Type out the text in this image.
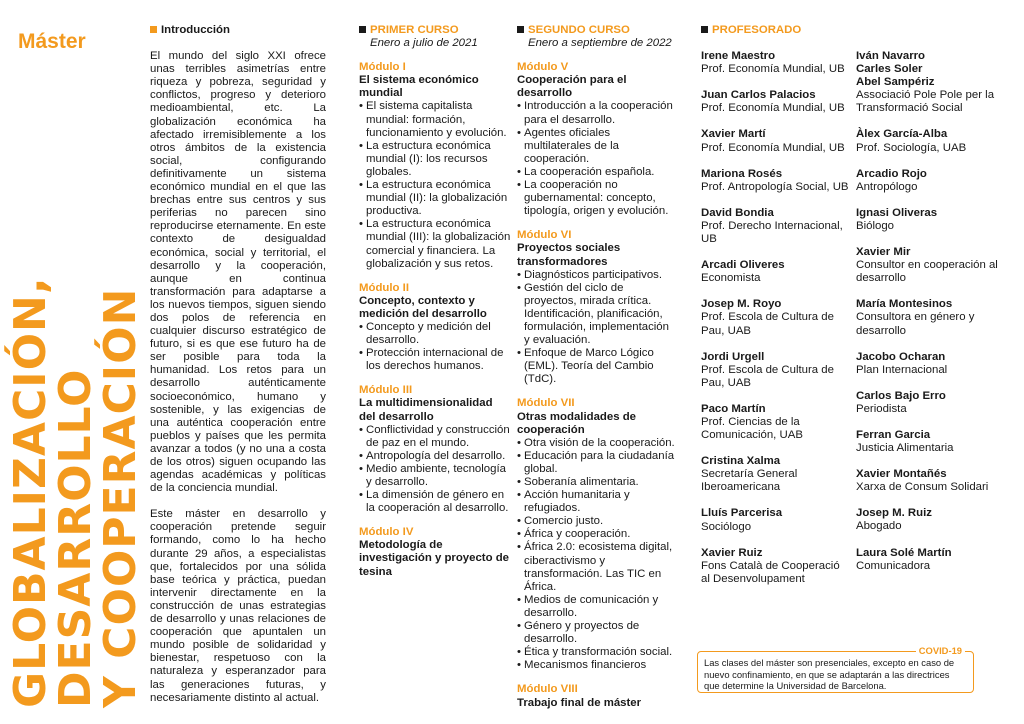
Máster
GLOBALIZACIÓN,
DESARROLLO
Y COOPERACIÓN
Introducción

El mundo del siglo XXI ofrece unas terribles asimetrías entre riqueza y pobreza, seguridad y conflictos, progreso y deterioro medioambiental, etc. La globalización económica ha afectado irremisiblemente a los otros ámbitos de la existencia social, configurando definitivamente un sistema económico mundial en el que las brechas entre sus centros y sus periferias no parecen sino reproducirse eternamente. En este contexto de desigualdad económica, social y territorial, el desarrollo y la cooperación, aunque en continua transformación para adaptarse a los nuevos tiempos, siguen siendo dos polos de referencia en cualquier discurso estratégico de futuro, si es que ese futuro ha de ser posible para toda la humanidad. Los retos para un desarrollo auténticamente socioeconómico, humano y sostenible, y las exigencias de una auténtica cooperación entre pueblos y países que les permita avanzar a todos (y no una a costa de los otros) siguen ocupando las agendas académicas y políticas de la conciencia mundial.

Este máster en desarrollo y cooperación pretende seguir formando, como lo ha hecho durante 29 años, a especialistas que, fortalecidos por una sólida base teórica y práctica, puedan intervenir directamente en la construcción de unas estrategias de desarrollo y unas relaciones de cooperación que apuntalen un mundo posible de solidaridad y bienestar, respetuoso con la naturaleza y esperanzador para las generaciones futuras, y necesariamente distinto al actual.

PRIMER CURSO
Enero a julio de 2021
Módulo I
El sistema económico mundial
• El sistema capitalista mundial: formación, funcionamiento y evolución.
• La estructura económica mundial (I): los recursos globales.
• La estructura económica mundial (II): la globalización productiva.
• La estructura económica mundial (III): la globalización comercial y financiera. La globalización y sus retos.
Módulo II
Concepto, contexto y medición del desarrollo
• Concepto y medición del desarrollo.
• Protección internacional de los derechos humanos.
Módulo III
La multidimensionalidad del desarrollo
• Conflictividad y construcción de paz en el mundo.
• Antropología del desarrollo.
• Medio ambiente, tecnología y desarrollo.
• La dimensión de género en la cooperación al desarrollo.
Módulo IV
Metodología de investigación y proyecto de tesina
SEGUNDO CURSO
Enero a septiembre de 2022
Módulo V
Cooperación para el desarrollo
• Introducción a la cooperación para el desarrollo.
• Agentes oficiales multilaterales de la cooperación.
• La cooperación española.
• La cooperación no gubernamental: concepto, tipología, origen y evolución.
Módulo VI
Proyectos sociales transformadores
• Diagnósticos participativos.
• Gestión del ciclo de proyectos, mirada crítica. Identificación, planificación, formulación, implementación y evaluación.
• Enfoque de Marco Lógico (EML). Teoría del Cambio (TdC).
Módulo VII
Otras modalidades de cooperación
• Otra visión de la cooperación.
• Educación para la ciudadanía global.
• Soberanía alimentaria.
• Acción humanitaria y refugiados.
• Comercio justo.
• África y cooperación.
• África 2.0: ecosistema digital, ciberactivismo y transformación. Las TIC en África.
• Medios de comunicación y desarrollo.
• Género y proyectos de desarrollo.
• Ética y transformación social.
• Mecanismos financieros
Módulo VIII
Trabajo final de máster
PROFESORADO
Irene Maestro
Prof. Economía Mundial, UB
Juan Carlos Palacios
Prof. Economía Mundial, UB
Xavier Martí
Prof. Economía Mundial, UB
Mariona Rosés
Prof. Antropología Social, UB
David Bondia
Prof. Derecho Internacional, UB
Arcadi Oliveres
Economista
Josep M. Royo
Prof. Escola de Cultura de Pau, UAB
Jordi Urgell
Prof. Escola de Cultura de Pau, UAB
Paco Martín
Prof. Ciencias de la Comunicación, UAB
Cristina Xalma
Secretaría General Iberoamericana
Lluís Parcerisa
Sociólogo
Xavier Ruiz
Fons Català de Cooperació al Desenvolupament
Iván Navarro
Carles Soler
Abel Sampériz
Associació Pole Pole per la Transformació Social
Àlex García-Alba
Prof. Sociología, UAB
Arcadio Rojo
Antropólogo
Ignasi Oliveras
Biólogo
Xavier Mir
Consultor en cooperación al desarrollo
María Montesinos
Consultora en género y desarrollo
Jacobo Ocharan
Plan Internacional
Carlos Bajo Erro
Periodista
Ferran Garcia
Justicia Alimentaria
Xavier Montañés
Xarxa de Consum Solidari
Josep M. Ruiz
Abogado
Laura Solé Martín
Comunicadora
COVID-19
Las clases del máster son presenciales, excepto en caso de nuevo confinamiento, en que se adaptarán a las directrices que determine la Universidad de Barcelona.
